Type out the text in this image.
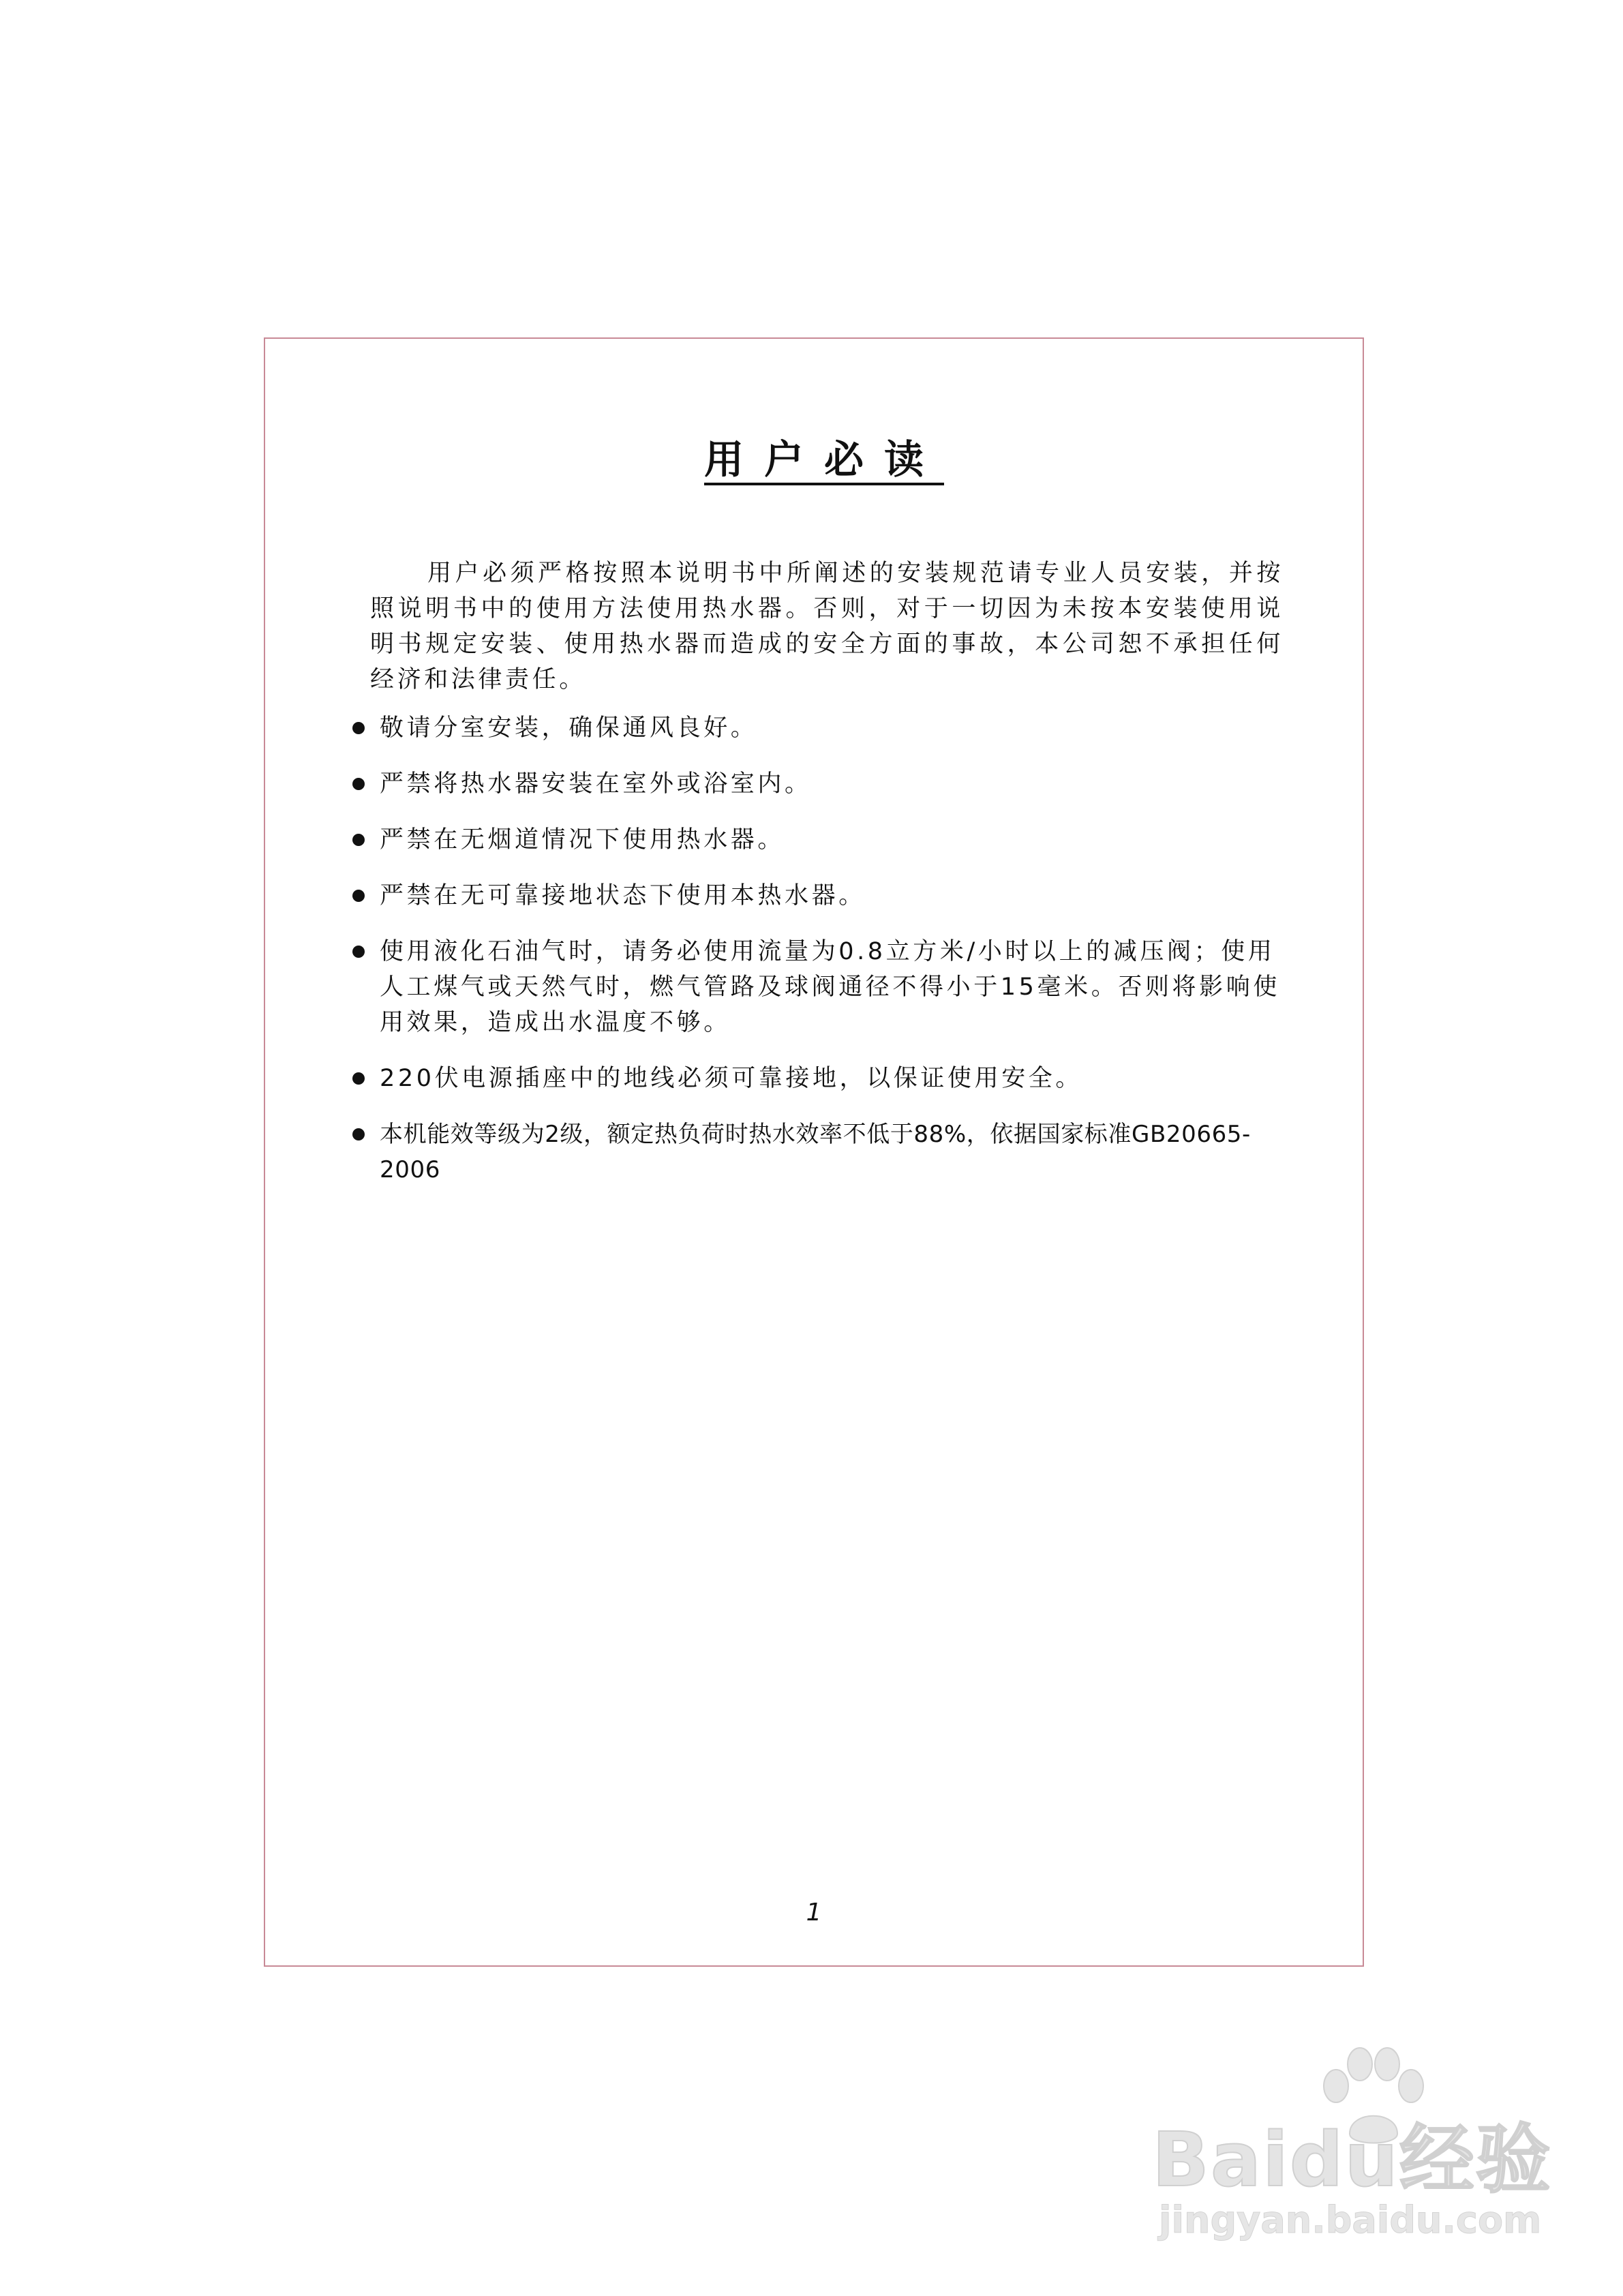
用户必读

用户必须严格按照本说明书中所阐述的安装规范请专业人员安装，并按照说明书中的使用方法使用热水器。否则，对于一切因为未按本安装使用说明书规定安装、使用热水器而造成的安全方面的事故，本公司恕不承担任何经济和法律责任。

敬请分室安装，确保通风良好。
严禁将热水器安装在室外或浴室内。
严禁在无烟道情况下使用热水器。
严禁在无可靠接地状态下使用本热水器。
使用液化石油气时，请务必使用流量为0.8立方米/小时以上的减压阀；使用人工煤气或天然气时，燃气管路及球阀通径不得小于15毫米。否则将影响使用效果，造成出水温度不够。
220伏电源插座中的地线必须可靠接地，以保证使用安全。
本机能效等级为2级，额定热负荷时热水效率不低于88%，依据国家标准GB20665-2006
1
Baidu经验
jingyan.baidu.com
